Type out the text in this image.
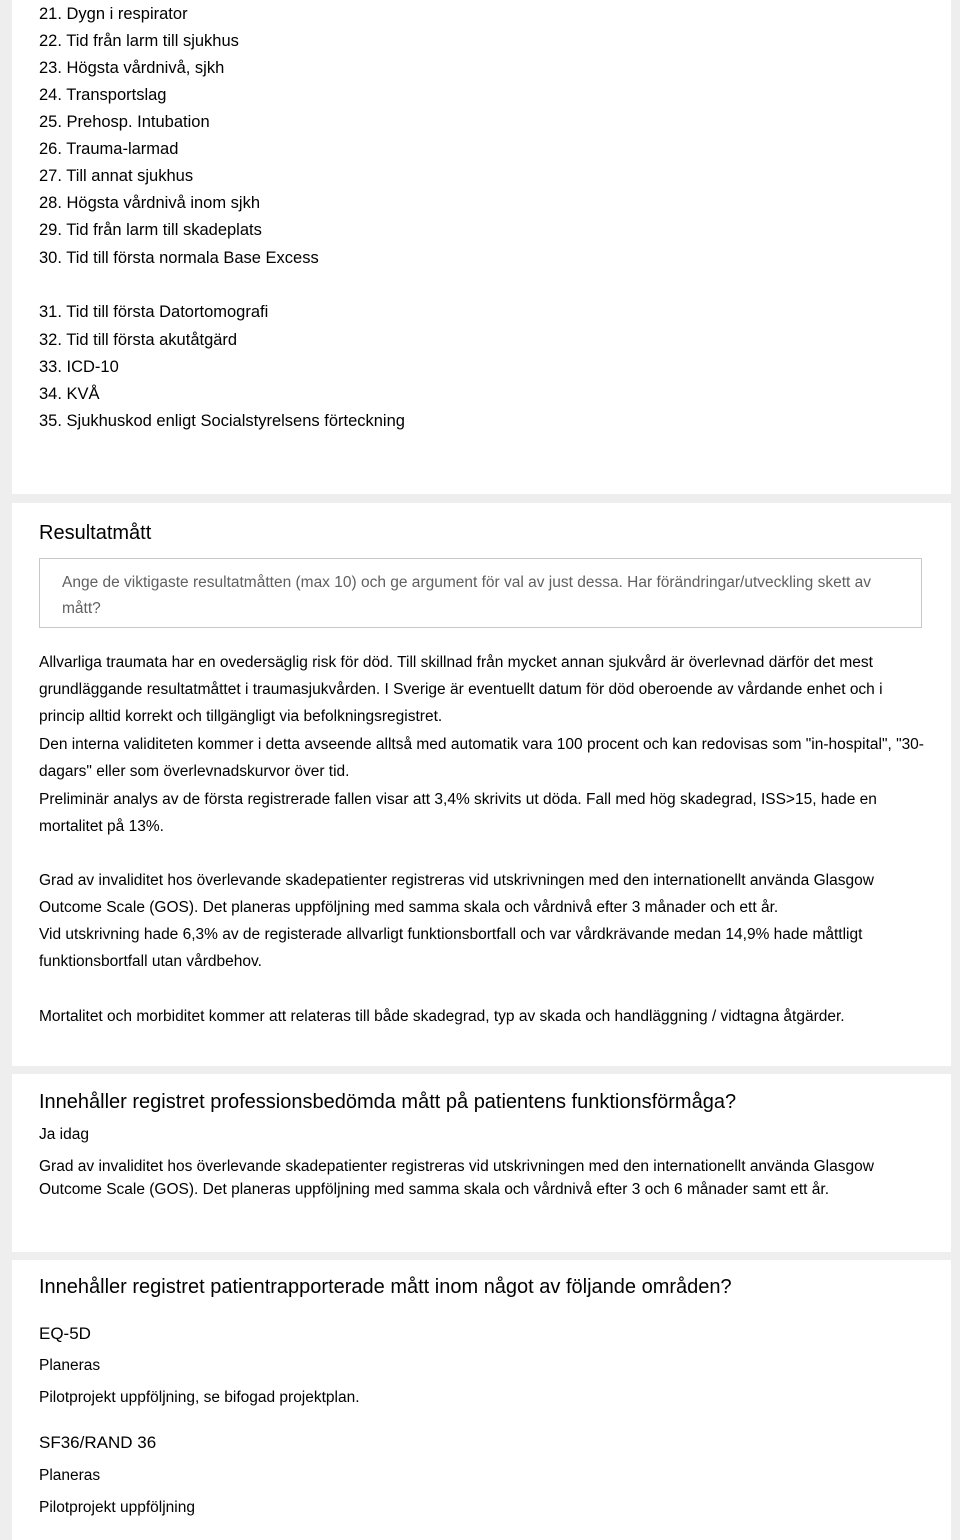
21. Dygn i respirator
22. Tid från larm till sjukhus
23. Högsta vårdnivå, sjkh
24. Transportslag
25. Prehosp. Intubation
26. Trauma-larmad
27. Till annat sjukhus
28. Högsta vårdnivå inom sjkh
29. Tid från larm till skadeplats
30. Tid till första normala Base Excess
31. Tid till första Datortomografi
32. Tid till första akutåtgärd
33. ICD-10
34. KVÅ
35. Sjukhuskod enligt Socialstyrelsens förteckning
Resultatmått
Ange de viktigaste resultatmåtten (max 10) och ge argument för val av just dessa. Har förändringar/utveckling skett av mått?
Allvarliga traumata har en ovedersäglig risk för död. Till skillnad från mycket annan sjukvård är överlevnad därför det mest grundläggande resultatmåttet i traumasjukvården. I Sverige är eventuellt datum för död oberoende av vårdande enhet och i princip alltid korrekt och tillgängligt via befolkningsregistret.
Den interna validiteten kommer i detta avseende alltså med automatik vara 100 procent och kan redovisas som "in-hospital", "30-dagars" eller som överlevnadskurvor över tid.
Preliminär analys av de första registrerade fallen visar att 3,4% skrivits ut döda. Fall med hög skadegrad, ISS>15, hade en mortalitet på 13%.
Grad av invaliditet hos överlevande skadepatienter registreras vid utskrivningen med den internationellt använda Glasgow Outcome Scale (GOS). Det planeras uppföljning med samma skala och vårdnivå efter 3 månader och ett år.
Vid utskrivning hade 6,3% av de registerade allvarligt funktionsbortfall och var vårdkrävande medan 14,9% hade måttligt funktionsbortfall utan vårdbehov.
Mortalitet och morbiditet kommer att relateras till både skadegrad, typ av skada och handläggning / vidtagna åtgärder.
Innehåller registret professionsbedömda mått på patientens funktionsförmåga?
Ja idag
Grad av invaliditet hos överlevande skadepatienter registreras vid utskrivningen med den internationellt använda Glasgow Outcome Scale (GOS). Det planeras uppföljning med samma skala och vårdnivå efter 3 och 6 månader samt ett år.
Innehåller registret patientrapporterade mått inom något av följande områden?
EQ-5D
Planeras
Pilotprojekt uppföljning, se bifogad projektplan.
SF36/RAND 36
Planeras
Pilotprojekt uppföljning
